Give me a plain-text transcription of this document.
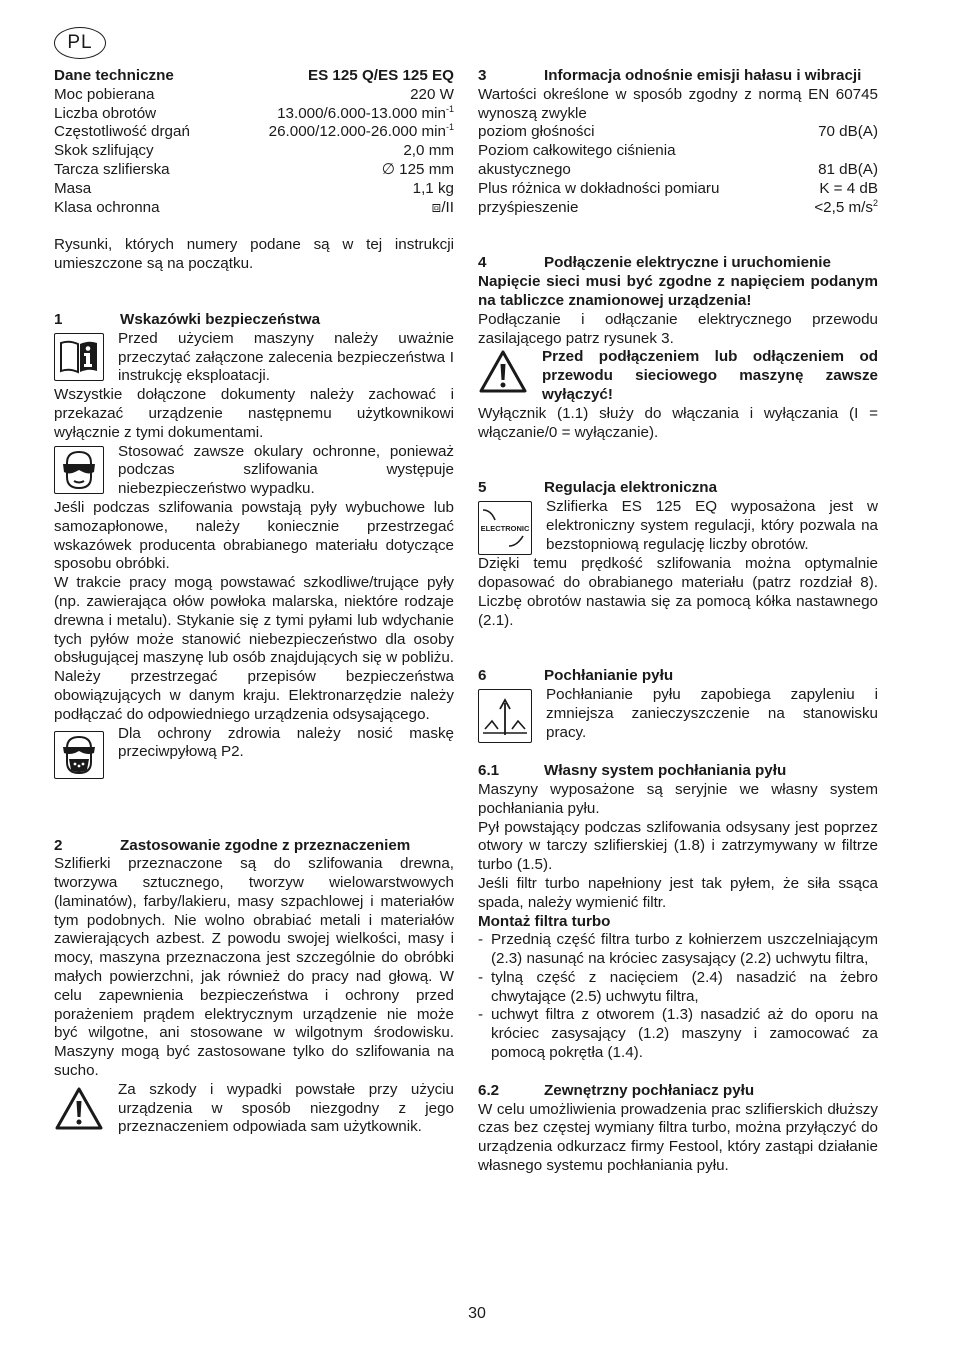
PL
Dane techniczne	ES 125 Q/ES 125 EQ
Moc pobierana	220 W
Liczba obrotów	13.000/6.000-13.000 $\min^{-1}$
Częstotliwość drgań	26.000/12.000-26.000 $\min^{-1}$
Skok szlifujący	2,0 mm
Tarcza szlifierska	∅ 125 mm
Masa	1,1 kg
Klasa ochronna	⧈/II
Rysunki, których numery podane są w tej instrukcji umieszczone są na początku.
1	Wskazówki bezpieczeństwa
Przed użyciem maszyny należy uważnie przeczytać załączone zalecenia bezpieczeństwa I instrukcję eksploatacji.
Wszystkie dołączone dokumenty należy zachować i przekazać urządzenie następnemu użytkownikowi wyłącznie z tymi dokumentami.
Stosować zawsze okulary ochronne, ponieważ podczas szlifowania występuje niebezpieczeństwo wypadku.
Jeśli podczas szlifowania powstają pyły wybuchowe lub samozapłonowe, należy koniecznie przestrzegać wskazówek producenta obrabianego materiału dotyczące sposobu obróbki.
W trakcie pracy mogą powstawać szkodliwe/trujące pyły (np. zawierająca ołów powłoka malarska, niektóre rodzaje drewna i metalu). Stykanie się z tymi pyłami lub wdychanie tych pyłów może stanowić niebezpieczeństwo dla osoby obsługującej maszynę lub osób znajdujących się w pobliżu. Należy przestrzegać przepisów bezpieczeństwa obowiązujących w danym kraju. Elektronarzędzie należy podłączać do odpowiedniego urządzenia odsysającego.
Dla ochrony zdrowia należy nosić maskę przeciwpyłową P2.
2	Zastosowanie zgodne z przeznaczeniem
Szlifierki przeznaczone są do szlifowania drewna, tworzywa sztucznego, tworzyw wielowarstwowych (laminatów), farby/lakieru, masy szpachlowej i materiałów tym podobnych. Nie wolno obrabiać metali i materiałów zawierających azbest. Z powodu swojej wielkości, masy i mocy, maszyna przeznaczona jest szczególnie do obróbki małych powierzchni, jak również do pracy nad głową. W celu zapewnienia bezpieczeństwa i ochrony przed porażeniem prądem elektrycznym urządzenie nie może być wilgotne, ani stosowane w wilgotnym środowisku. Maszyny mogą być zastosowane tylko do szlifowania na sucho.
Za szkody i wypadki powstałe przy użyciu urządzenia w sposób niezgodny z jego przeznaczeniem odpowiada sam użytkownik.
3	Informacja odnośnie emisji hałasu i wibracji
Wartości określone w sposób zgodny z normą EN 60745 wynoszą zwykle
poziom głośności	70 dB(A)
Poziom całkowitego ciśnienia
akustycznego	81 dB(A)
Plus różnica w dokładności pomiaru	K = 4 dB
przyśpieszenie	<2,5 $m/s^2$
4	Podłączenie elektryczne i uruchomienie
Napięcie sieci musi być zgodne z napięciem podanym na tabliczce znamionowej urządzenia!
Podłączanie i odłączanie elektrycznego przewodu zasilającego patrz rysunek 3.
Przed podłączeniem lub odłączeniem od przewodu sieciowego maszynę zawsze wyłączyć!
Wyłącznik (1.1) służy do włączania i wyłączania (I = włączanie/0 = wyłączanie).
5	Regulacja elektroniczna
ELECTRONIC
Szlifierka ES 125 EQ wyposażona jest w elektroniczny system regulacji, który pozwala na bezstopniową regulację liczby obrotów.
Dzięki temu prędkość szlifowania można optymalnie dopasować do obrabianego materiału (patrz rozdział 8). Liczbę obrotów nastawia się za pomocą kółka nastawnego (2.1).
6	Pochłanianie pyłu
Pochłanianie pyłu zapobiega zapyleniu i zmniejsza zanieczyszczenie na stanowisku pracy.
6.1	Własny system pochłaniania pyłu
Maszyny wyposażone są seryjnie we własny system pochłaniania pyłu.
Pył powstający podczas szlifowania odsysany jest poprzez otwory w tarczy szlifierskiej (1.8) i zatrzymywany w filtrze turbo (1.5).
Jeśli filtr turbo napełniony jest tak pyłem, że siła ssąca spada, należy wymienić filtr.
Montaż filtra turbo
- Przednią część filtra turbo z kołnierzem uszczelniającym (2.3) nasunąć na króciec zasysający (2.2) uchwytu filtra,
- tylną część z nacięciem (2.4) nasadzić na żebro chwytające (2.5) uchwytu filtra,
- uchwyt filtra z otworem (1.3) nasadzić aż do oporu na króciec zasysający (1.2) maszyny i zamocować za pomocą pokrętła (1.4).
6.2	Zewnętrzny pochłaniacz pyłu
W celu umożliwienia prowadzenia prac szlifierskich dłuższy czas bez częstej wymiany filtra turbo, można przyłączyć do urządzenia odkurzacz firmy Festool, który zastąpi działanie własnego systemu pochłaniania pyłu.
30
